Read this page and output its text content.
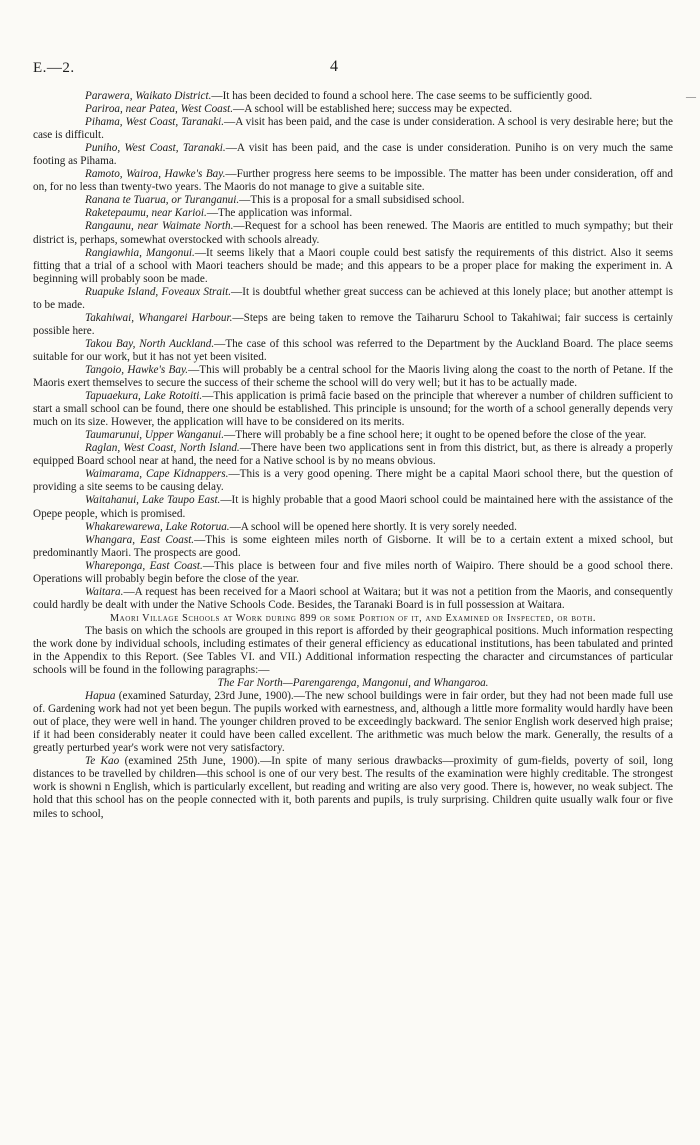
E.—2.	4
—

Parawera, Waikato District.—It has been decided to found a school here. The case seems to be sufficiently good.

Pariroa, near Patea, West Coast.—A school will be established here; success may be expected.

Pihama, West Coast, Taranaki.—A visit has been paid, and the case is under consideration. A school is very desirable here; but the case is difficult.

Puniho, West Coast, Taranaki.—A visit has been paid, and the case is under consideration. Puniho is on very much the same footing as Pihama.

Ramoto, Wairoa, Hawke's Bay.—Further progress here seems to be impossible. The matter has been under consideration, off and on, for no less than twenty-two years. The Maoris do not manage to give a suitable site.

Ranana te Tuarua, or Turanganui.—This is a proposal for a small subsidised school.

Raketepaumu, near Karioi.—The application was informal.

Rangaunu, near Waimate North.—Request for a school has been renewed. The Maoris are entitled to much sympathy; but their district is, perhaps, somewhat overstocked with schools already.

Rangiawhia, Mangonui.—It seems likely that a Maori couple could best satisfy the requirements of this district. Also it seems fitting that a trial of a school with Maori teachers should be made; and this appears to be a proper place for making the experiment in. A beginning will probably soon be made.

Ruapuke Island, Foveaux Strait.—It is doubtful whether great success can be achieved at this lonely place; but another attempt is to be made.

Takahiwai, Whangarei Harbour.—Steps are being taken to remove the Taiharuru School to Takahiwai; fair success is certainly possible here.

Takou Bay, North Auckland.—The case of this school was referred to the Department by the Auckland Board. The place seems suitable for our work, but it has not yet been visited.

Tangoio, Hawke's Bay.—This will probably be a central school for the Maoris living along the coast to the north of Petane. If the Maoris exert themselves to secure the success of their scheme the school will do very well; but it has to be actually made.

Tapuaekura, Lake Rotoiti.—This application is primâ facie based on the principle that wherever a number of children sufficient to start a small school can be found, there one should be established. This principle is unsound; for the worth of a school generally depends very much on its size. However, the application will have to be considered on its merits.

Taumarunui, Upper Wanganui.—There will probably be a fine school here; it ought to be opened before the close of the year.

Raglan, West Coast, North Island.—There have been two applications sent in from this district, but, as there is already a properly equipped Board school near at hand, the need for a Native school is by no means obvious.

Waimarama, Cape Kidnappers.—This is a very good opening. There might be a capital Maori school there, but the question of providing a site seems to be causing delay.

Waitahanui, Lake Taupo East.—It is highly probable that a good Maori school could be maintained here with the assistance of the Opepe people, which is promised.

Whakarewarewa, Lake Rotorua.—A school will be opened here shortly. It is very sorely needed.

Whangara, East Coast.—This is some eighteen miles north of Gisborne. It will be to a certain extent a mixed school, but predominantly Maori. The prospects are good.

Whareponga, East Coast.—This place is between four and five miles north of Waipiro. There should be a good school there. Operations will probably begin before the close of the year.

Waitara.—A request has been received for a Maori school at Waitara; but it was not a petition from the Maoris, and consequently could hardly be dealt with under the Native Schools Code. Besides, the Taranaki Board is in full possession at Waitara.

Maori Village Schools at Work during 899 or some Portion of it, and Examined or Inspected, or both.

The basis on which the schools are grouped in this report is afforded by their geographical positions. Much information respecting the work done by individual schools, including estimates of their general efficiency as educational institutions, has been tabulated and printed in the Appendix to this Report. (See Tables VI. and VII.) Additional information respecting the character and circumstances of particular schools will be found in the following paragraphs:—

The Far North—Parengarenga, Mangonui, and Whangaroa.

Hapua (examined Saturday, 23rd June, 1900).—The new school buildings were in fair order, but they had not been made full use of. Gardening work had not yet been begun. The pupils worked with earnestness, and, although a little more formality would hardly have been out of place, they were well in hand. The younger children proved to be exceedingly backward. The senior English work deserved high praise; if it had been considerably neater it could have been called excellent. The arithmetic was much below the mark. Generally, the results of a greatly perturbed year's work were not very satisfactory.

Te Kao (examined 25th June, 1900).—In spite of many serious drawbacks—proximity of gum-fields, poverty of soil, long distances to be travelled by children—this school is one of our very best. The results of the examination were highly creditable. The strongest work is showni n English, which is particularly excellent, but reading and writing are also very good. There is, however, no weak subject. The hold that this school has on the people connected with it, both parents and pupils, is truly surprising. Children quite usually walk four or five miles to school,
